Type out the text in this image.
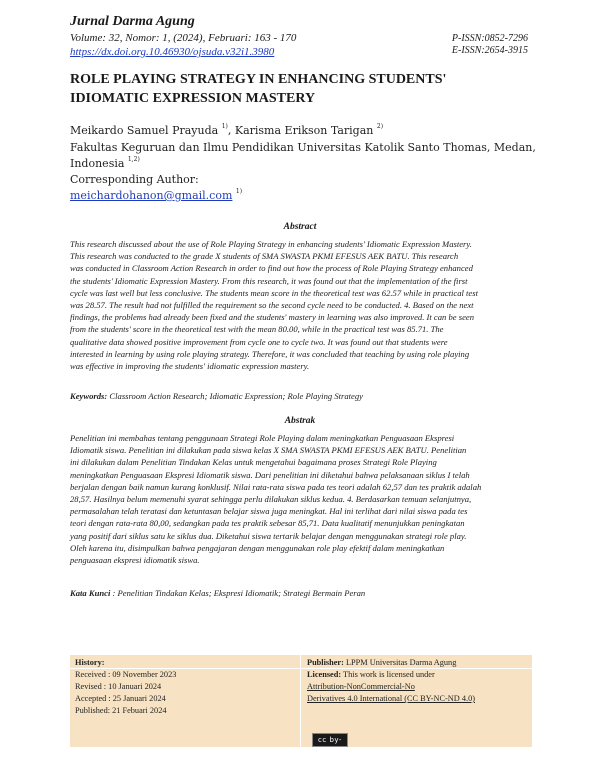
Jurnal Darma Agung
Volume: 32, Nomor: 1, (2024), Februari: 163 - 170
https://dx.doi.org.10.46930/ojsuda.v32i1.3980
P-ISSN:0852-7296
E-ISSN:2654-3915
ROLE PLAYING STRATEGY IN ENHANCING STUDENTS'
IDIOMATIC EXPRESSION MASTERY
Meikardo Samuel Prayuda $^{1)}$, Karisma Erikson Tarigan $^{2)}$
Fakultas Keguruan dan Ilmu Pendidikan Universitas Katolik Santo Thomas, Medan,
Indonesia $^{1,2)}$
Corresponding Author:
meichardohanon@gmail.com $^{1)}$
Abstract
This research discussed about the use of Role Playing Strategy in enhancing students' Idiomatic Expression Mastery.
This research was conducted to the grade X students of SMA SWASTA PKMI EFESUS AEK BATU. This research
was conducted in Classroom Action Research in order to find out how the process of Role Playing Strategy enhanced
the students' Idiomatic Expression Mastery. From this research, it was found out that the implementation of the first
cycle was last well but less conclusive. The students mean score in the theoretical test was 62.57 while in practical test
was 28.57. The result had not fulfilled the requirement so the second cycle need to be conducted. 4. Based on the next
findings, the problems had already been fixed and the students' mastery in learning was also improved. It can be seen
from the students' score in the theoretical test with the mean 80.00, while in the practical test was 85.71. The
qualitative data showed positive improvement from cycle one to cycle two. It was found out that students were
interested in learning by using role playing strategy. Therefore, it was concluded that teaching by using role playing
was effective in improving the students' idiomatic expression mastery.
Keywords: Classroom Action Research; Idiomatic Expression; Role Playing Strategy
Abstrak
Penelitian ini membahas tentang penggunaan Strategi Role Playing dalam meningkatkan Penguasaan Ekspresi
Idiomatik siswa. Penelitian ini dilakukan pada siswa kelas X SMA SWASTA PKMI EFESUS AEK BATU. Penelitian
ini dilakukan dalam Penelitian Tindakan Kelas untuk mengetahui bagaimana proses Strategi Role Playing
meningkatkan Penguasaan Ekspresi Idiomatik siswa. Dari penelitian ini diketahui bahwa pelaksanaan siklus I telah
berjalan dengan baik namun kurang konklusif. Nilai rata-rata siswa pada tes teori adalah 62,57 dan tes praktik adalah
28,57. Hasilnya belum memenuhi syarat sehingga perlu dilakukan siklus kedua. 4. Berdasarkan temuan selanjutnya,
permasalahan telah teratasi dan ketuntasan belajar siswa juga meningkat. Hal ini terlihat dari nilai siswa pada tes
teori dengan rata-rata 80,00, sedangkan pada tes praktik sebesar 85,71. Data kualitatif menunjukkan peningkatan
yang positif dari siklus satu ke siklus dua. Diketahui siswa tertarik belajar dengan menggunakan strategi role play.
Oleh karena itu, disimpulkan bahwa pengajaran dengan menggunakan role play efektif dalam meningkatkan
penguasaan ekspresi idiomatik siswa.
Kata Kunci : Penelitian Tindakan Kelas; Ekspresi Idiomatik; Strategi Bermain Peran
History:
Received : 09 November 2023
Revised : 10 Januari 2024
Accepted : 25 Januari 2024
Published: 21 Febuari 2024
Publisher: LPPM Universitas Darma Agung
Licensed: This work is licensed under
Attribution-NonCommercial-No
Derivatives 4.0 International (CC BY-NC-ND 4.0)
cc by-nc-nd
